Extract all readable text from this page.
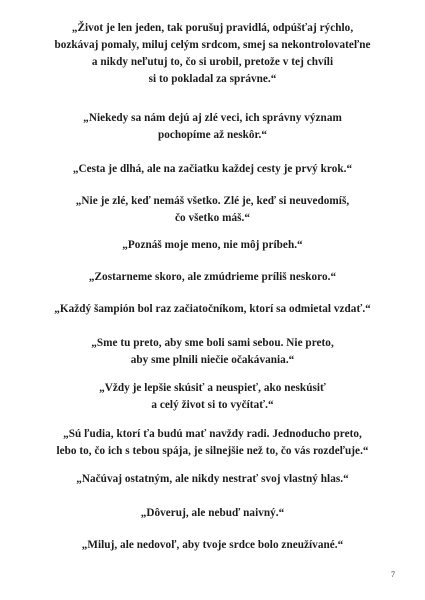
„Život je len jeden, tak porušuj pravidlá, odpúšťaj rýchlo,
bozkávaj pomaly, miluj celým srdcom, smej sa nekontrolovateľne
a nikdy neľutuj to, čo si urobil, pretože v tej chvíli
si to pokladal za správne.“
„Niekedy sa nám dejú aj zlé veci, ich správny význam
pochopíme až neskôr.“
„Cesta je dlhá, ale na začiatku každej cesty je prvý krok.“
„Nie je zlé, keď nemáš všetko. Zlé je, keď si neuvedomíš,
čo všetko máš.“
„Poznáš moje meno, nie môj príbeh.“
„Zostarneme skoro, ale zmúdrieme príliš neskoro.“
„Každý šampión bol raz začiatočníkom, ktorí sa odmietal vzdať.“
„Sme tu preto, aby sme boli sami sebou. Nie preto,
aby sme plnili niečie očakávania.“
„Vždy je lepšie skúsiť a neuspieť, ako neskúsiť
a celý život si to vyčítať.“
„Sú ľudia, ktorí ťa budú mať navždy radi. Jednoducho preto,
lebo to, čo ich s tebou spája, je silnejšie než to, čo vás rozdeľuje.“
„Načúvaj ostatným, ale nikdy nestrať svoj vlastný hlas.“
„Dôveruj, ale nebuď naivný.“
„Miluj, ale nedovoľ, aby tvoje srdce bolo zneužívané.“
7
